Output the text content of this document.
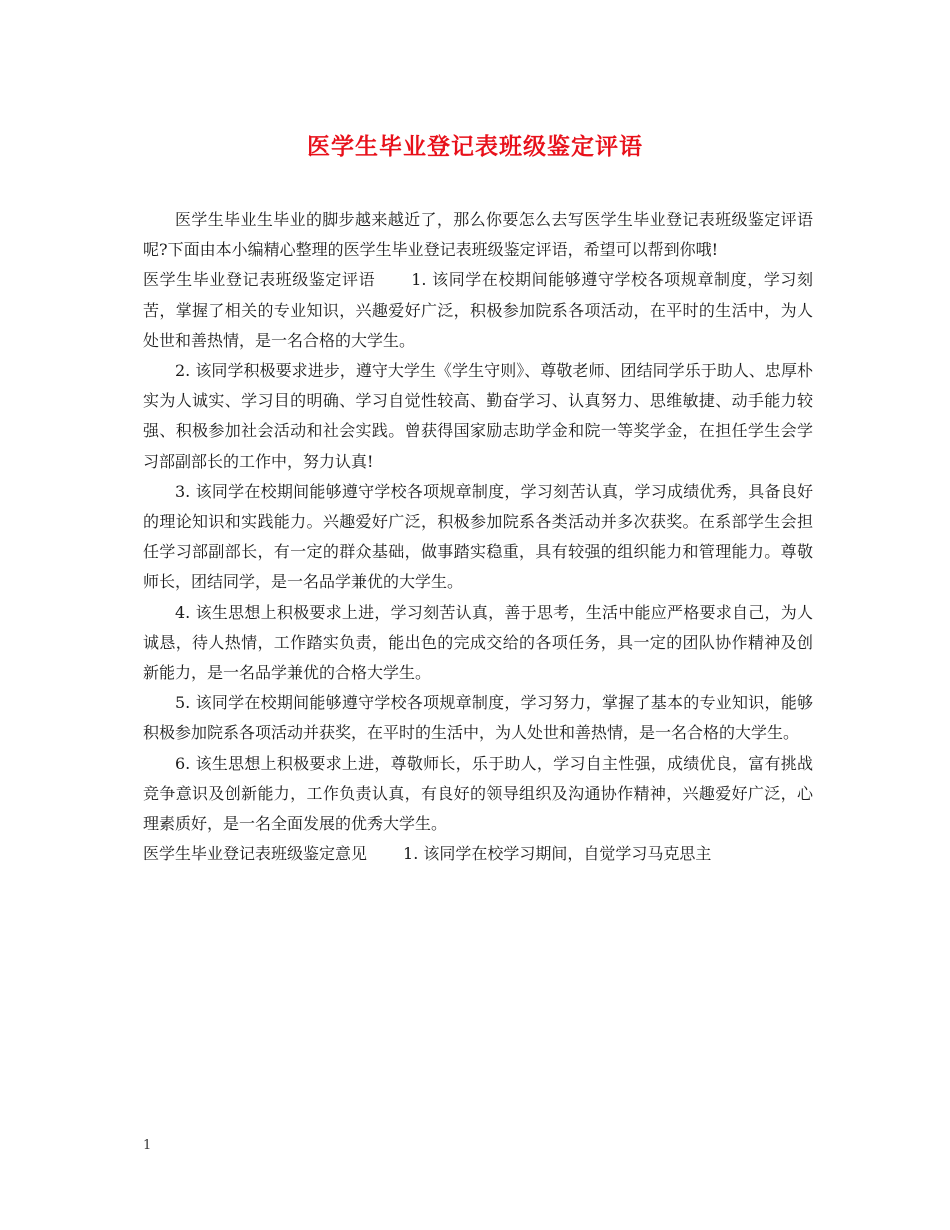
医学生毕业登记表班级鉴定评语

医学生毕业生毕业的脚步越来越近了，那么你要怎么去写医学生毕业登记表班级鉴定评语呢?下面由本小编精心整理的医学生毕业登记表班级鉴定评语，希望可以帮到你哦!

医学生毕业登记表班级鉴定评语 1. 该同学在校期间能够遵守学校各项规章制度，学习刻苦，掌握了相关的专业知识，兴趣爱好广泛，积极参加院系各项活动，在平时的生活中，为人处世和善热情，是一名合格的大学生。

2. 该同学积极要求进步，遵守大学生《学生守则》、尊敬老师、团结同学乐于助人、忠厚朴实为人诚实、学习目的明确、学习自觉性较高、勤奋学习、认真努力、思维敏捷、动手能力较强、积极参加社会活动和社会实践。曾获得国家励志助学金和院一等奖学金，在担任学生会学习部副部长的工作中，努力认真!

3. 该同学在校期间能够遵守学校各项规章制度，学习刻苦认真，学习成绩优秀，具备良好的理论知识和实践能力。兴趣爱好广泛，积极参加院系各类活动并多次获奖。在系部学生会担任学习部副部长，有一定的群众基础，做事踏实稳重，具有较强的组织能力和管理能力。尊敬师长，团结同学，是一名品学兼优的大学生。

4. 该生思想上积极要求上进，学习刻苦认真，善于思考，生活中能应严格要求自己，为人诚恳，待人热情，工作踏实负责，能出色的完成交给的各项任务，具一定的团队协作精神及创新能力，是一名品学兼优的合格大学生。

5. 该同学在校期间能够遵守学校各项规章制度，学习努力，掌握了基本的专业知识，能够积极参加院系各项活动并获奖，在平时的生活中，为人处世和善热情，是一名合格的大学生。

6. 该生思想上积极要求上进，尊敬师长，乐于助人，学习自主性强，成绩优良，富有挑战竞争意识及创新能力，工作负责认真，有良好的领导组织及沟通协作精神，兴趣爱好广泛，心理素质好，是一名全面发展的优秀大学生。

医学生毕业登记表班级鉴定意见 1. 该同学在校学习期间，自觉学习马克思主

1
